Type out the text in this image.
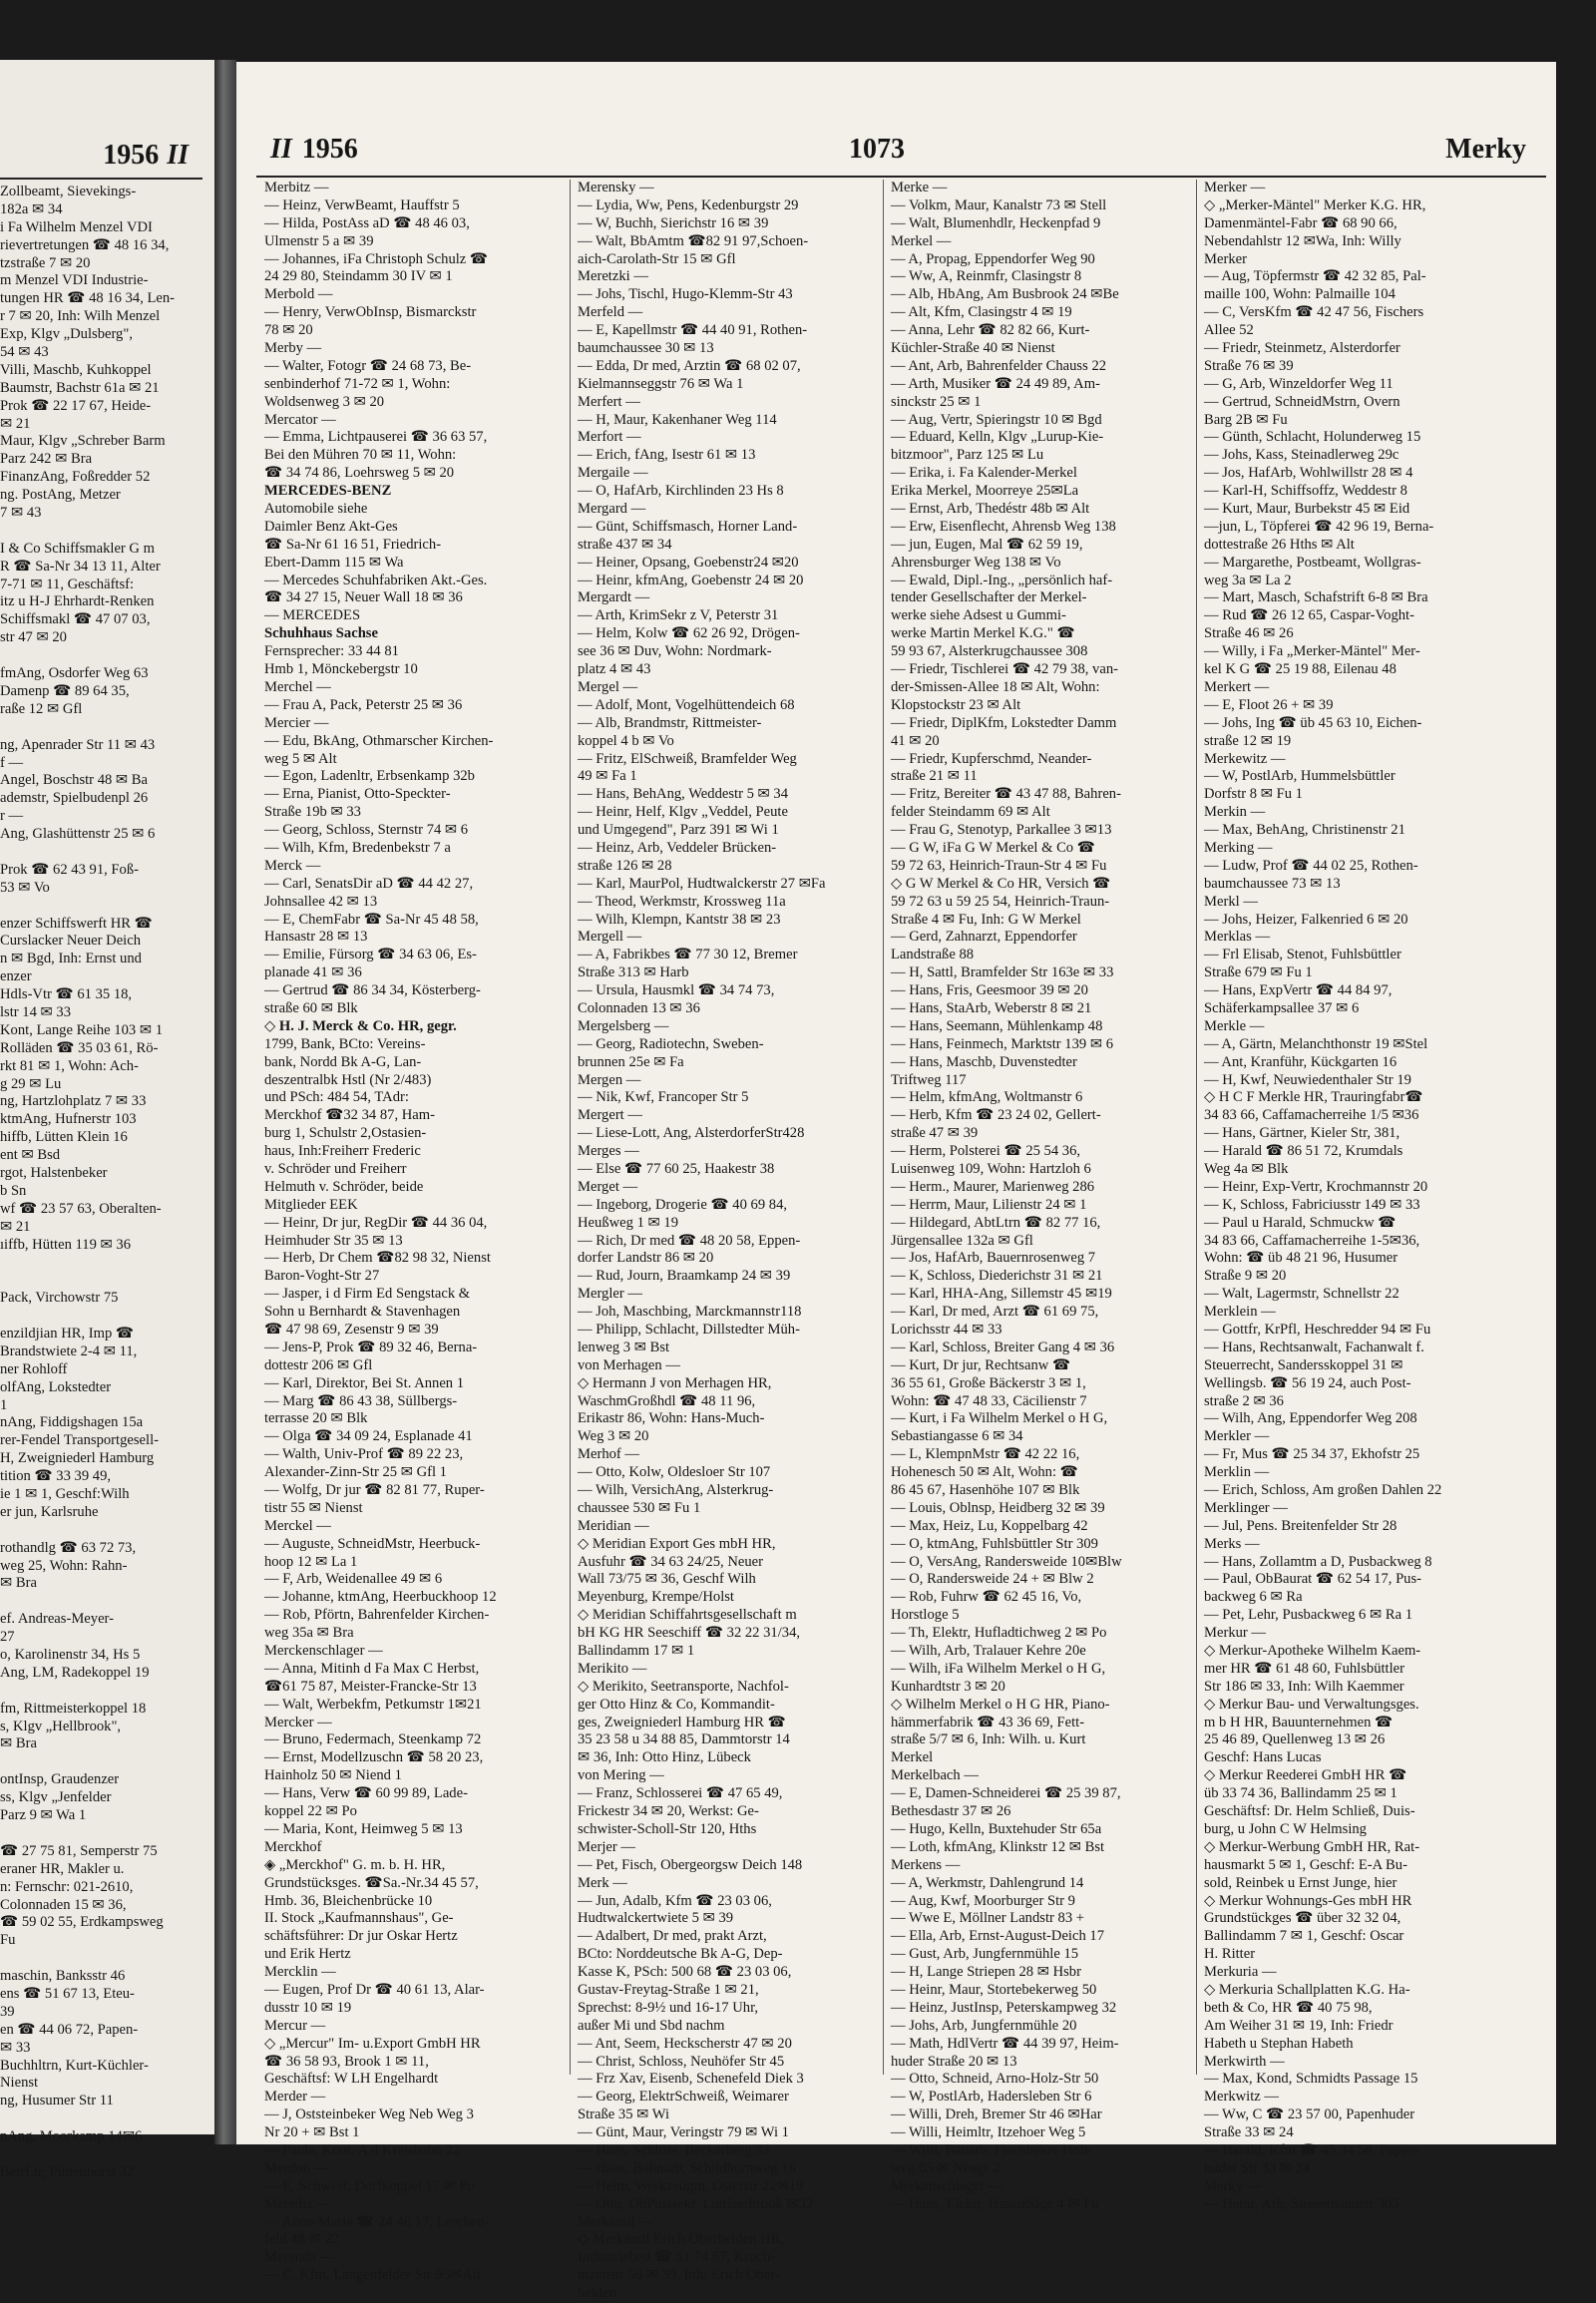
1956 II
Zollbeamt, Sievekings-
182a ✉ 34
i Fa Wilhelm Menzel VDI
rievertretungen ☎ 48 16 34,
tzstraße 7 ✉ 20
m Menzel VDI Industrie-
tungen HR ☎ 48 16 34, Len-
r 7 ✉ 20, Inh: Wilh Menzel
Exp, Klgv „Dulsberg",
54 ✉ 43
Villi, Maschb, Kuhkoppel
Baumstr, Bachstr 61a ✉ 21
Prok ☎ 22 17 67, Heide-
✉ 21
Maur, Klgv „Schreber Barm
Parz 242 ✉ Bra
FinanzAng, Foßredder 52
ng. PostAng, Metzer
7 ✉ 43
I & Co Schiffsmakler G m
R ☎ Sa-Nr 34 13 11, Alter
7-71 ✉ 11, Geschäftsf:
itz u H-J Ehrhardt-Renken
Schiffsmakl ☎ 47 07 03,
str 47 ✉ 20
fmAng, Osdorfer Weg 63
Damenp ☎ 89 64 35,
raße 12 ✉ Gfl
ng, Apenrader Str 11 ✉ 43
f —
Angel, Boschstr 48 ✉ Ba
ademstr, Spielbudenpl 26
r —
Ang, Glashüttenstr 25 ✉ 6
Prok ☎ 62 43 91, Foß-
53 ✉ Vo
enzer Schiffswerft HR ☎
Curslacker Neuer Deich
n ✉ Bgd, Inh: Ernst und
enzer
Hdls-Vtr ☎ 61 35 18,
lstr 14 ✉ 33
Kont, Lange Reihe 103 ✉ 1
Rolläden ☎ 35 03 61, Rö-
rkt 81 ✉ 1, Wohn: Ach-
g 29 ✉ Lu
ng, Hartzlohplatz 7 ✉ 33
ktmAng, Hufnerstr 103
hiffb, Lütten Klein 16
ent ✉ Bsd
rgot, Halstenbeker
b Sn
wf ☎ 23 57 63, Oberalten-
✉ 21
ıiffb, Hütten 119 ✉ 36
Pack, Virchowstr 75
enzildjian HR, Imp ☎
Brandstwiete 2-4 ✉ 11,
ner Rohloff
olfAng, Lokstedter
1
nAng, Fiddigshagen 15a
rer-Fendel Transportgesell-
H, Zweigniederl Hamburg
tition ☎ 33 39 49,
ie 1 ✉ 1, Geschf:Wilh
er jun, Karlsruhe
rothandlg ☎ 63 72 73,
weg 25, Wohn: Rahn-
✉ Bra
ef. Andreas-Meyer-
27
o, Karolinenstr 34, Hs 5
Ang, LM, Radekoppel 19
fm, Rittmeisterkoppel 18
s, Klgv „Hellbrook",
✉ Bra
ontInsp, Graudenzer
ss, Klgv „Jenfelder
Parz 9 ✉ Wa 1
☎ 27 75 81, Semperstr 75
eraner HR, Makler u.
n: Fernschr: 021-2610,
Colonnaden 15 ✉ 36,
☎ 59 02 55, Erdkampsweg
Fu
maschin, Banksstr 46
ens ☎ 51 67 13, Eteu-
39
en ☎ 44 06 72, Papen-
✉ 33
Buchhltrn, Kurt-Küchler-
Nienst
ng, Husumer Str 11
nAng, Moorkamp 14✉6
BetrLtr, Püttenhorst 32
II 1956	1073	Merky
Merbitz —
— Heinz, VerwBeamt, Hauffstr 5
— Hilda, PostAss aD ☎ 48 46 03,
Ulmenstr 5 a ✉ 39
— Johannes, iFa Christoph Schulz ☎
24 29 80, Steindamm 30 IV ✉ 1
Merbold —
— Henry, VerwObInsp, Bismarckstr
78 ✉ 20
Merby —
— Walter, Fotogr ☎ 24 68 73, Be-
senbinderhof 71-72 ✉ 1, Wohn:
Woldsenweg 3 ✉ 20
Mercator —
— Emma, Lichtpauserei ☎ 36 63 57,
Bei den Mühren 70 ✉ 11, Wohn:
☎ 34 74 86, Loehrsweg 5 ✉ 20
MERCEDES-BENZ
Automobile siehe
Daimler Benz Akt-Ges
☎ Sa-Nr 61 16 51, Friedrich-
Ebert-Damm 115 ✉ Wa
— Mercedes Schuhfabriken Akt.-Ges.
☎ 34 27 15, Neuer Wall 18 ✉ 36
— MERCEDES
Schuhhaus Sachse
Fernsprecher: 33 44 81
Hmb 1, Mönckebergstr 10
Merchel —
— Frau A, Pack, Peterstr 25 ✉ 36
Mercier —
— Edu, BkAng, Othmarscher Kirchen-
weg 5 ✉ Alt
— Egon, Ladenltr, Erbsenkamp 32b
— Erna, Pianist, Otto-Speckter-
Straße 19b ✉ 33
— Georg, Schloss, Sternstr 74 ✉ 6
— Wilh, Kfm, Bredenbekstr 7 a
Merck —
— Carl, SenatsDir aD ☎ 44 42 27,
Johnsallee 42 ✉ 13
— E, ChemFabr ☎ Sa-Nr 45 48 58,
Hansastr 28 ✉ 13
— Emilie, Fürsorg ☎ 34 63 06, Es-
planade 41 ✉ 36
— Gertrud ☎ 86 34 34, Kösterberg-
straße 60 ✉ Blk
◇ H. J. Merck & Co. HR, gegr.
1799, Bank, BCto: Vereins-
bank, Nordd Bk A-G, Lan-
deszentralbk Hstl (Nr 2/483)
und PSch: 484 54, TAdr:
Merckhof ☎32 34 87, Ham-
burg 1, Schulstr 2,Ostasien-
haus, Inh:Freiherr Frederic
v. Schröder und Freiherr
Helmuth v. Schröder, beide
Mitglieder EEK
— Heinr, Dr jur, RegDir ☎ 44 36 04,
Heimhuder Str 35 ✉ 13
— Herb, Dr Chem ☎82 98 32, Nienst
Baron-Voght-Str 27
— Jasper, i d Firm Ed Sengstack &
Sohn u Bernhardt & Stavenhagen
☎ 47 98 69, Zesenstr 9 ✉ 39
— Jens-P, Prok ☎ 89 32 46, Berna-
dottestr 206 ✉ Gfl
— Karl, Direktor, Bei St. Annen 1
— Marg ☎ 86 43 38, Süllbergs-
terrasse 20 ✉ Blk
— Olga ☎ 34 09 24, Esplanade 41
— Walth, Univ-Prof ☎ 89 22 23,
Alexander-Zinn-Str 25 ✉ Gfl 1
— Wolfg, Dr jur ☎ 82 81 77, Ruper-
tistr 55 ✉ Nienst
Merckel —
— Auguste, SchneidMstr, Heerbuck-
hoop 12 ✉ La 1
— F, Arb, Weidenallee 49 ✉ 6
— Johanne, ktmAng, Heerbuckhoop 12
— Rob, Pförtn, Bahrenfelder Kirchen-
weg 35a ✉ Bra
Merckenschlager —
— Anna, Mitinh d Fa Max C Herbst,
☎61 75 87, Meister-Francke-Str 13
— Walt, Werbekfm, Petkumstr 1✉21
Mercker —
— Bruno, Federmach, Steenkamp 72
— Ernst, Modellzuschn ☎ 58 20 23,
Hainholz 50 ✉ Niend 1
— Hans, Verw ☎ 60 99 89, Lade-
koppel 22 ✉ Po
— Maria, Kont, Heimweg 5 ✉ 13
Merckhof
◈ „Merckhof" G. m. b. H. HR,
Grundstücksges. ☎Sa.-Nr.34 45 57,
Hmb. 36, Bleichenbrücke 10
II. Stock „Kaufmannshaus", Ge-
schäftsführer: Dr jur Oskar Hertz
und Erik Hertz
Mercklin —
— Eugen, Prof Dr ☎ 40 61 13, Alar-
dusstr 10 ✉ 19
Mercur —
◇ „Mercur" Im- u.Export GmbH HR
☎ 36 58 93, Brook 1 ✉ 11,
Geschäftsf: W LH Engelhardt
Merder —
— J, Oststeinbeker Weg Neb Weg 3
Nr 20 + ✉ Bst 1
— Paula, Kont, A d Kreisbahn 22
Merdon —
— E, Schwest, Dorfkoppel 17 ✉ Po
Merediz —
— Anne-Marie ☎ 24 46 17, Lerchen-
feld 48 ✉ 22
Merenda —
— C, Kfm, Langenfelder Str 95✉Alt
Merensky —
— Lydia, Ww, Pens, Kedenburgstr 29
— W, Buchh, Sierichstr 16 ✉ 39
— Walt, BbAmtm ☎82 91 97,Schoen-
aich-Carolath-Str 15 ✉ Gfl
Meretzki —
— Johs, Tischl, Hugo-Klemm-Str 43
Merfeld —
— E, Kapellmstr ☎ 44 40 91, Rothen-
baumchaussee 30 ✉ 13
— Edda, Dr med, Arztin ☎ 68 02 07,
Kielmannseggstr 76 ✉ Wa 1
Merfert —
— H, Maur, Kakenhaner Weg 114
Merfort —
— Erich, fAng, Isestr 61 ✉ 13
Mergaile —
— O, HafArb, Kirchlinden 23 Hs 8
Mergard —
— Günt, Schiffsmasch, Horner Land-
straße 437 ✉ 34
— Heiner, Opsang, Goebenstr24 ✉20
— Heinr, kfmAng, Goebenstr 24 ✉ 20
Mergardt —
— Arth, KrimSekr z V, Peterstr 31
— Helm, Kolw ☎ 62 26 92, Drögen-
see 36 ✉ Duv, Wohn: Nordmark-
platz 4 ✉ 43
Mergel —
— Adolf, Mont, Vogelhüttendeich 68
— Alb, Brandmstr, Rittmeister-
koppel 4 b ✉ Vo
— Fritz, ElSchweiß, Bramfelder Weg
49 ✉ Fa 1
— Hans, BehAng, Weddestr 5 ✉ 34
— Heinr, Helf, Klgv „Veddel, Peute
und Umgegend", Parz 391 ✉ Wi 1
— Heinz, Arb, Veddeler Brücken-
straße 126 ✉ 28
— Karl, MaurPol, Hudtwalckerstr 27 ✉Fa
— Theod, Werkmstr, Krossweg 11a
— Wilh, Klempn, Kantstr 38 ✉ 23
Mergell —
— A, Fabrikbes ☎ 77 30 12, Bremer
Straße 313 ✉ Harb
— Ursula, Hausmkl ☎ 34 74 73,
Colonnaden 13 ✉ 36
Mergelsberg —
— Georg, Radiotechn, Sweben-
brunnen 25e ✉ Fa
Mergen —
— Nik, Kwf, Francoper Str 5
Mergert —
— Liese-Lott, Ang, AlsterdorferStr428
Merges —
— Else ☎ 77 60 25, Haakestr 38
Merget —
— Ingeborg, Drogerie ☎ 40 69 84,
Heußweg 1 ✉ 19
— Rich, Dr med ☎ 48 20 58, Eppen-
dorfer Landstr 86 ✉ 20
— Rud, Journ, Braamkamp 24 ✉ 39
Mergler —
— Joh, Maschbing, Marckmannstr118
— Philipp, Schlacht, Dillstedter Müh-
lenweg 3 ✉ Bst
von Merhagen —
◇ Hermann J von Merhagen HR,
WaschmGroßhdl ☎ 48 11 96,
Erikastr 86, Wohn: Hans-Much-
Weg 3 ✉ 20
Merhof —
— Otto, Kolw, Oldesloer Str 107
— Wilh, VersichAng, Alsterkrug-
chaussee 530 ✉ Fu 1
Meridian —
◇ Meridian Export Ges mbH HR,
Ausfuhr ☎ 34 63 24/25, Neuer
Wall 73/75 ✉ 36, Geschf Wilh
Meyenburg, Krempe/Holst
◇ Meridian Schiffahrtsgesellschaft m
bH KG HR Seeschiff ☎ 32 22 31/34,
Ballindamm 17 ✉ 1
Merikito —
◇ Merikito, Seetransporte, Nachfol-
ger Otto Hinz & Co, Kommandit-
ges, Zweigniederl Hamburg HR ☎
35 23 58 u 34 88 85, Dammtorstr 14
✉ 36, Inh: Otto Hinz, Lübeck
von Mering —
— Franz, Schlosserei ☎ 47 65 49,
Frickestr 34 ✉ 20, Werkst: Ge-
schwister-Scholl-Str 120, Hths
Merjer —
— Pet, Fisch, Obergeorgsw Deich 148
Merk —
— Jun, Adalb, Kfm ☎ 23 03 06,
Hudtwalckertwiete 5 ✉ 39
— Adalbert, Dr med, prakt Arzt,
BCto: Norddeutsche Bk A-G, Dep-
Kasse K, PSch: 500 68 ☎ 23 03 06,
Gustav-Freytag-Straße 1 ✉ 21,
Sprechst: 8-9½ und 16-17 Uhr,
außer Mi und Sbd nachm
— Ant, Seem, Heckscherstr 47 ✉ 20
— Christ, Schloss, Neuhöfer Str 45
— Frz Xav, Eisenb, Schenefeld Diek 3
— Georg, ElektrSchweiß, Weimarer
Straße 35 ✉ Wi
— Günt, Maur, Veringstr 79 ✉ Wi 1
— Hans, Schloss, Beckerberg 33
— Hans, Bahnarb, Schildhornweg 16
— Helm, Werkzeugm, Osterstr 22✉19
— Otto, ObPostsekr, LuttIserbrook ✉32
Merkantil —
◇ Merkantil Erich Oberheiden HR,
Industriebed ☎ 51 74 67, Kroch-
mannstr 56 ✉ 39, Inh: Erich Ober-
heiden
Merke —
— Volkm, Maur, Kanalstr 73 ✉ Stell
— Walt, Blumenhdlr, Heckenpfad 9
Merkel —
— A, Propag, Eppendorfer Weg 90
— Ww, A, Reinmfr, Clasingstr 8
— Alb, HbAng, Am Busbrook 24 ✉Be
— Alt, Kfm, Clasingstr 4 ✉ 19
— Anna, Lehr ☎ 82 82 66, Kurt-
Küchler-Straße 40 ✉ Nienst
— Ant, Arb, Bahrenfelder Chauss 22
— Arth, Musiker ☎ 24 49 89, Am-
sinckstr 25 ✉ 1
— Aug, Vertr, Spieringstr 10 ✉ Bgd
— Eduard, Kelln, Klgv „Lurup-Kie-
bitzmoor", Parz 125 ✉ Lu
— Erika, i. Fa Kalender-Merkel
Erika Merkel, Moorreye 25✉La
— Ernst, Arb, Thedéstr 48b ✉ Alt
— Erw, Eisenflecht, Ahrensb Weg 138
— jun, Eugen, Mal ☎ 62 59 19,
Ahrensburger Weg 138 ✉ Vo
— Ewald, Dipl.-Ing., „persönlich haf-
tender Gesellschafter der Merkel-
werke siehe Adsest u Gummi-
werke Martin Merkel K.G." ☎
59 93 67, Alsterkrugchaussee 308
— Friedr, Tischlerei ☎ 42 79 38, van-
der-Smissen-Allee 18 ✉ Alt, Wohn:
Klopstockstr 23 ✉ Alt
— Friedr, DiplKfm, Lokstedter Damm
41 ✉ 20
— Friedr, Kupferschmd, Neander-
straße 21 ✉ 11
— Fritz, Bereiter ☎ 43 47 88, Bahren-
felder Steindamm 69 ✉ Alt
— Frau G, Stenotyp, Parkallee 3 ✉13
— G W, iFa G W Merkel & Co ☎
59 72 63, Heinrich-Traun-Str 4 ✉ Fu
◇ G W Merkel & Co HR, Versich ☎
59 72 63 u 59 25 54, Heinrich-Traun-
Straße 4 ✉ Fu, Inh: G W Merkel
— Gerd, Zahnarzt, Eppendorfer
Landstraße 88
— H, Sattl, Bramfelder Str 163e ✉ 33
— Hans, Fris, Geesmoor 39 ✉ 20
— Hans, StaArb, Weberstr 8 ✉ 21
— Hans, Seemann, Mühlenkamp 48
— Hans, Feinmech, Marktstr 139 ✉ 6
— Hans, Maschb, Duvenstedter
Triftweg 117
— Helm, kfmAng, Woltmanstr 6
— Herb, Kfm ☎ 23 24 02, Gellert-
straße 47 ✉ 39
— Herm, Polsterei ☎ 25 54 36,
Luisenweg 109, Wohn: Hartzloh 6
— Herm., Maurer, Marienweg 286
— Herrm, Maur, Lilienstr 24 ✉ 1
— Hildegard, AbtLtrn ☎ 82 77 16,
Jürgensallee 132a ✉ Gfl
— Jos, HafArb, Bauernrosenweg 7
— K, Schloss, Diederichstr 31 ✉ 21
— Karl, HHA-Ang, Sillemstr 45 ✉19
— Karl, Dr med, Arzt ☎ 61 69 75,
Lorichsstr 44 ✉ 33
— Karl, Schloss, Breiter Gang 4 ✉ 36
— Kurt, Dr jur, Rechtsanw ☎
36 55 61, Große Bäckerstr 3 ✉ 1,
Wohn: ☎ 47 48 33, Cäcilienstr 7
— Kurt, i Fa Wilhelm Merkel o H G,
Sebastiangasse 6 ✉ 34
— L, KlempnMstr ☎ 42 22 16,
Hohenesch 50 ✉ Alt, Wohn: ☎
86 45 67, Hasenhöhe 107 ✉ Blk
— Louis, Oblnsp, Heidberg 32 ✉ 39
— Max, Heiz, Lu, Koppelbarg 42
— O, ktmAng, Fuhlsbüttler Str 309
— O, VersAng, Randersweide 10✉Blw
— O, Randersweide 24 + ✉ Blw 2
— Rob, Fuhrw ☎ 62 45 16, Vo,
Horstloge 5
— Th, Elektr, Hufladtichweg 2 ✉ Po
— Wilh, Arb, Tralauer Kehre 20e
— Wilh, iFa Wilhelm Merkel o H G,
Kunhardtstr 3 ✉ 20
◇ Wilhelm Merkel o H G HR, Piano-
hämmerfabrik ☎ 43 36 69, Fett-
straße 5/7 ✉ 6, Inh: Wilh. u. Kurt
Merkel
Merkelbach —
— E, Damen-Schneiderei ☎ 25 39 87,
Bethesdastr 37 ✉ 26
— Hugo, Kelln, Buxtehuder Str 65a
— Loth, kfmAng, Klinkstr 12 ✉ Bst
Merkens —
— A, Werkmstr, Dahlengrund 14
— Aug, Kwf, Moorburger Str 9
— Wwe E, Möllner Landstr 83 +
— Ella, Arb, Ernst-August-Deich 17
— Gust, Arb, Jungfernmühle 15
— H, Lange Striepen 28 ✉ Hsbr
— Heinr, Maur, Stortebekerweg 50
— Heinz, JustInsp, Peterskampweg 32
— Johs, Arb, Jungfernmühle 20
— Math, HdlVertr ☎ 44 39 97, Heim-
huder Straße 20 ✉ 13
— Otto, Schneid, Arno-Holz-Str 50
— W, PostlArb, Hadersleben Str 6
— Willi, Dreh, Bremer Str 46 ✉Har
— Willi, Heimltr, Itzehoer Weg 5
— Willi, Bauarb, Fischbeker Holt-
weg 65 ✉ Neugr 2
Merkenschlager —
— Hans, Elektr, Hasenböge 4 ✉ Fu
Merker —
◇ „Merker-Mäntel" Merker K.G. HR,
Damenmäntel-Fabr ☎ 68 90 66,
Nebendahlstr 12 ✉Wa, Inh: Willy
Merker
— Aug, Töpfermstr ☎ 42 32 85, Pal-
maille 100, Wohn: Palmaille 104
— C, VersKfm ☎ 42 47 56, Fischers
Allee 52
— Friedr, Steinmetz, Alsterdorfer
Straße 76 ✉ 39
— G, Arb, Winzeldorfer Weg 11
— Gertrud, SchneidMstrn, Overn
Barg 2B ✉ Fu
— Günth, Schlacht, Holunderweg 15
— Johs, Kass, Steinadlerweg 29c
— Jos, HafArb, Wohlwillstr 28 ✉ 4
— Karl-H, Schiffsoffz, Weddestr 8
— Kurt, Maur, Burbekstr 45 ✉ Eid
—jun, L, Töpferei ☎ 42 96 19, Berna-
dottestraße 26 Hths ✉ Alt
— Margarethe, Postbeamt, Wollgras-
weg 3a ✉ La 2
— Mart, Masch, Schafstrift 6-8 ✉ Bra
— Rud ☎ 26 12 65, Caspar-Voght-
Straße 46 ✉ 26
— Willy, i Fa „Merker-Mäntel" Mer-
kel K G ☎ 25 19 88, Eilenau 48
Merkert —
— E, Floot 26 + ✉ 39
— Johs, Ing ☎ üb 45 63 10, Eichen-
straße 12 ✉ 19
Merkewitz —
— W, PostlArb, Hummelsbüttler
Dorfstr 8 ✉ Fu 1
Merkin —
— Max, BehAng, Christinenstr 21
Merking —
— Ludw, Prof ☎ 44 02 25, Rothen-
baumchaussee 73 ✉ 13
Merkl —
— Johs, Heizer, Falkenried 6 ✉ 20
Merklas —
— Frl Elisab, Stenot, Fuhlsbüttler
Straße 679 ✉ Fu 1
— Hans, ExpVertr ☎ 44 84 97,
Schäferkampsallee 37 ✉ 6
Merkle —
— A, Gärtn, Melanchthonstr 19 ✉Stel
— Ant, Kranführ, Kückgarten 16
— H, Kwf, Neuwiedenthaler Str 19
◇ H C F Merkle HR, Trauringfabr☎
34 83 66, Caffamacherreihe 1/5 ✉36
— Hans, Gärtner, Kieler Str, 381,
— Harald ☎ 86 51 72, Krumdals
Weg 4a ✉ Blk
— Heinr, Exp-Vertr, Krochmannstr 20
— K, Schloss, Fabriciusstr 149 ✉ 33
— Paul u Harald, Schmuckw ☎
34 83 66, Caffamacherreihe 1-5✉36,
Wohn: ☎ üb 48 21 96, Husumer
Straße 9 ✉ 20
— Walt, Lagermstr, Schnellstr 22
Merklein —
— Gottfr, KrPfl, Heschredder 94 ✉ Fu
— Hans, Rechtsanwalt, Fachanwalt f.
Steuerrecht, Sandersskoppel 31 ✉
Wellingsb. ☎ 56 19 24, auch Post-
straße 2 ✉ 36
— Wilh, Ang, Eppendorfer Weg 208
Merkler —
— Fr, Mus ☎ 25 34 37, Ekhofstr 25
Merklin —
— Erich, Schloss, Am großen Dahlen 22
Merklinger —
— Jul, Pens. Breitenfelder Str 28
Merks —
— Hans, Zollamtm a D, Pusbackweg 8
— Paul, ObBaurat ☎ 62 54 17, Pus-
backweg 6 ✉ Ra
— Pet, Lehr, Pusbackweg 6 ✉ Ra 1
Merkur —
◇ Merkur-Apotheke Wilhelm Kaem-
mer HR ☎ 61 48 60, Fuhlsbüttler
Str 186 ✉ 33, Inh: Wilh Kaemmer
◇ Merkur Bau- und Verwaltungsges.
m b H HR, Bauunternehmen ☎
25 46 89, Quellenweg 13 ✉ 26
Geschf: Hans Lucas
◇ Merkur Reederei GmbH HR ☎
üb 33 74 36, Ballindamm 25 ✉ 1
Geschäftsf: Dr. Helm Schließ, Duis-
burg, u John C W Helmsing
◇ Merkur-Werbung GmbH HR, Rat-
hausmarkt 5 ✉ 1, Geschf: E-A Bu-
sold, Reinbek u Ernst Junge, hier
◇ Merkur Wohnungs-Ges mbH HR
Grundstückges ☎ über 32 32 04,
Ballindamm 7 ✉ 1, Geschf: Oscar
H. Ritter
Merkuria —
◇ Merkuria Schallplatten K.G. Ha-
beth & Co, HR ☎ 40 75 98,
Am Weiher 31 ✉ 19, Inh: Friedr
Habeth u Stephan Habeth
Merkwirth —
— Max, Kond, Schmidts Passage 15
Merkwitz —
— Ww, C ☎ 23 57 00, Papenhuder
Straße 33 ✉ 24
— Harald, Kfm ☎ 45 34 58, Papen-
huder Str 33 ✉ 24
Merky —
— Heinr, Arb, Stresemannstr 303
